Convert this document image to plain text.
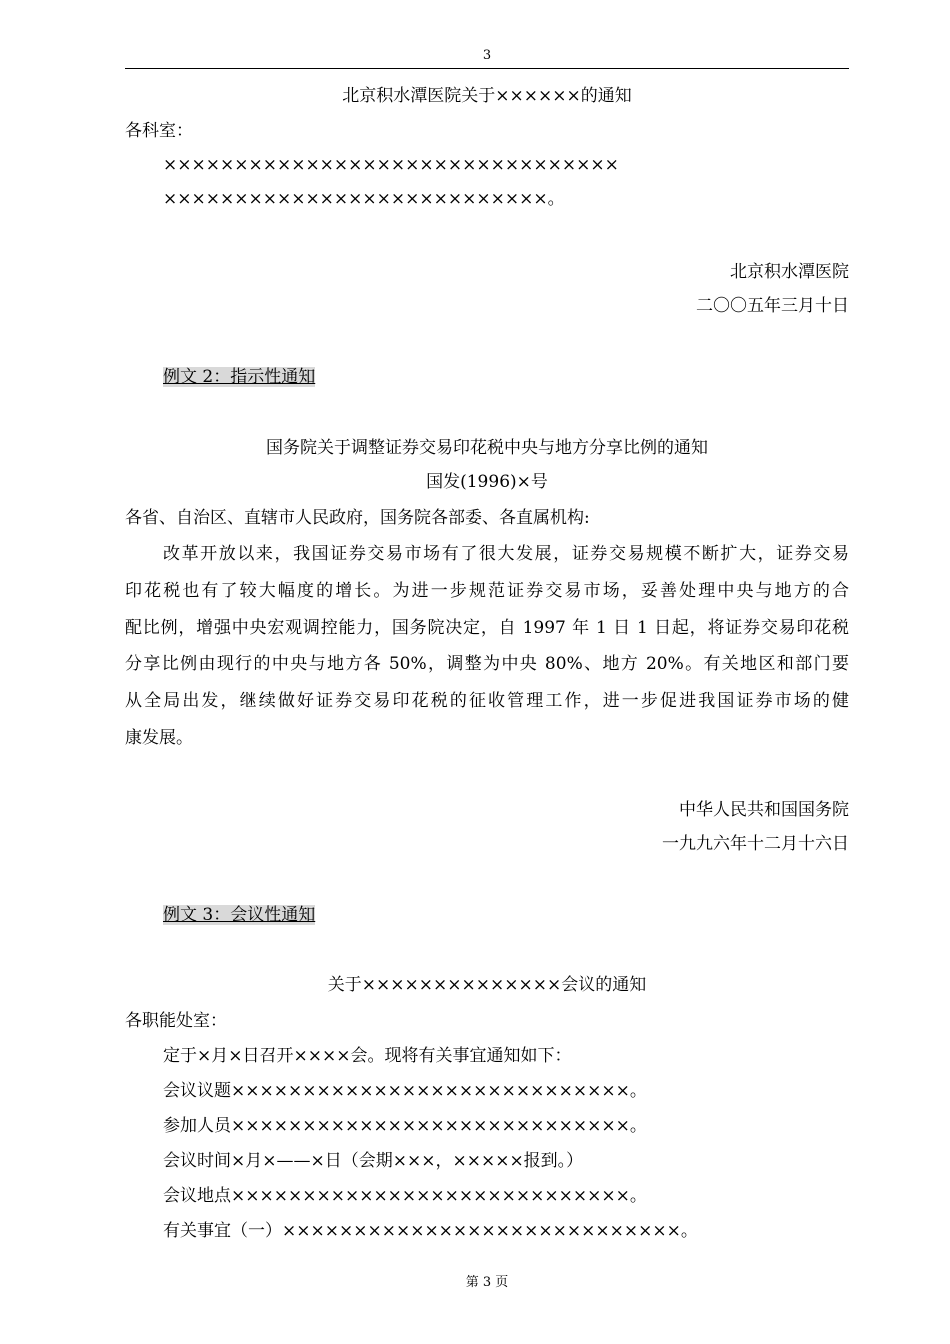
3
北京积水潭医院关于××××××的通知
各科室：
××××××××××××××××××××××××××××××××
×××××××××××××××××××××××××××。
北京积水潭医院
二〇〇五年三月十日
例文 2：指示性通知
国务院关于调整证券交易印花税中央与地方分享比例的通知
国发(1996)×号
各省、自治区、直辖市人民政府，国务院各部委、各直属机构:
改革开放以来，我国证券交易市场有了很大发展，证券交易规模不断扩大，证券交易
印花税也有了较大幅度的增长。为进一步规范证券交易市场，妥善处理中央与地方的合
配比例，增强中央宏观调控能力，国务院决定，自 1997 年 1 日 1 日起，将证券交易印花税
分享比例由现行的中央与地方各 50%，调整为中央 80%、地方 20%。有关地区和部门要
从全局出发，继续做好证券交易印花税的征收管理工作，进一步促进我国证券市场的健
康发展。
中华人民共和国国务院
一九九六年十二月十六日
例文 3：会议性通知
关于××××××××××××××会议的通知
各职能处室：
定于×月×日召开××××会。现将有关事宜通知如下：
会议议题××××××××××××××××××××××××××××。
参加人员××××××××××××××××××××××××××××。
会议时间×月×——×日（会期×××，×××××报到。）
会议地点××××××××××××××××××××××××××××。
有关事宜（一）××××××××××××××××××××××××××××。
第 3 页
